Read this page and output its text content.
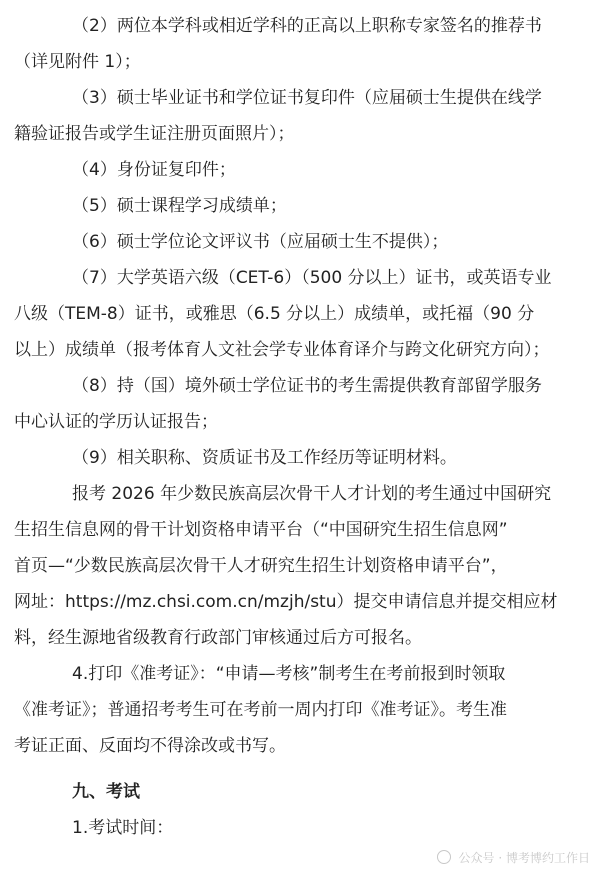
（2）两位本学科或相近学科的正高以上职称专家签名的推荐书
（详见附件 1）；

（3）硕士毕业证书和学位证书复印件（应届硕士生提供在线学
籍验证报告或学生证注册页面照片）；

（4）身份证复印件；

（5）硕士课程学习成绩单；

（6）硕士学位论文评议书（应届硕士生不提供）；

（7）大学英语六级（CET-6）（500 分以上）证书，或英语专业
八级（TEM-8）证书，或雅思（6.5 分以上）成绩单，或托福（90 分
以上）成绩单（报考体育人文社会学专业体育译介与跨文化研究方向）；

（8）持（国）境外硕士学位证书的考生需提供教育部留学服务
中心认证的学历认证报告；

（9）相关职称、资质证书及工作经历等证明材料。

报考 2026 年少数民族高层次骨干人才计划的考生通过中国研究
生招生信息网的骨干计划资格申请平台（“中国研究生招生信息网”
首页—“少数民族高层次骨干人才研究生招生计划资格申请平台”，
网址：https://mz.chsi.com.cn/mzjh/stu）提交申请信息并提交相应材
料，经生源地省级教育行政部门审核通过后方可报名。

4.打印《准考证》：“申请—考核”制考生在考前报到时领取
《准考证》；普通招考考生可在考前一周内打印《准考证》。考生准
考证正面、反面均不得涂改或书写。

九、考试

1.考试时间：

公众号 · 博考博约工作日
